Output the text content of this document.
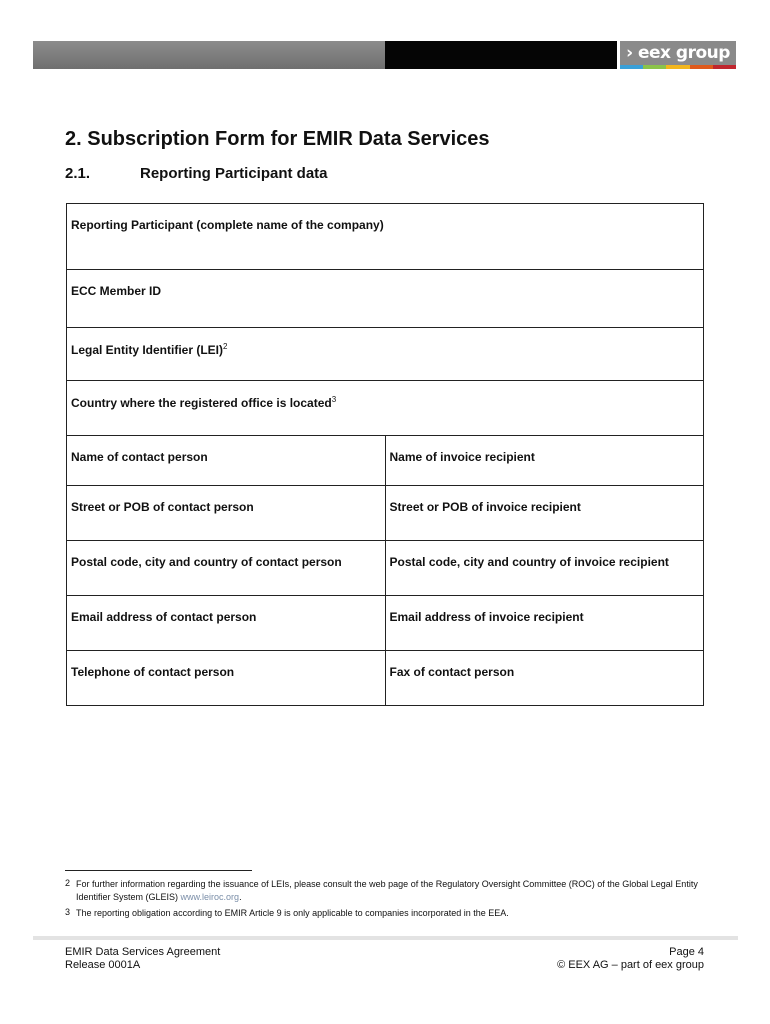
› eex group
2. Subscription Form for EMIR Data Services
2.1.	Reporting Participant data
Reporting Participant (complete name of the company)	
ECC Member ID	
Legal Entity Identifier (LEI)$^2$
Country where the registered office is located$^3$
Name of contact person	Name of invoice recipient
Street or POB of contact person	Street or POB of invoice recipient
Postal code, city and country of contact person	Postal code, city and country of invoice recipient
Email address of contact person	Email address of invoice recipient
Telephone of contact person	Fax of contact person
2 For further information regarding the issuance of LEIs, please consult the web page of the Regulatory Oversight Committee (ROC) of the Global Legal Entity Identifier System (GLEIS) www.leiroc.org.
3 The reporting obligation according to EMIR Article 9 is only applicable to companies incorporated in the EEA.
EMIR Data Services Agreement
Release 0001A
Page 4
© EEX AG – part of eex group
